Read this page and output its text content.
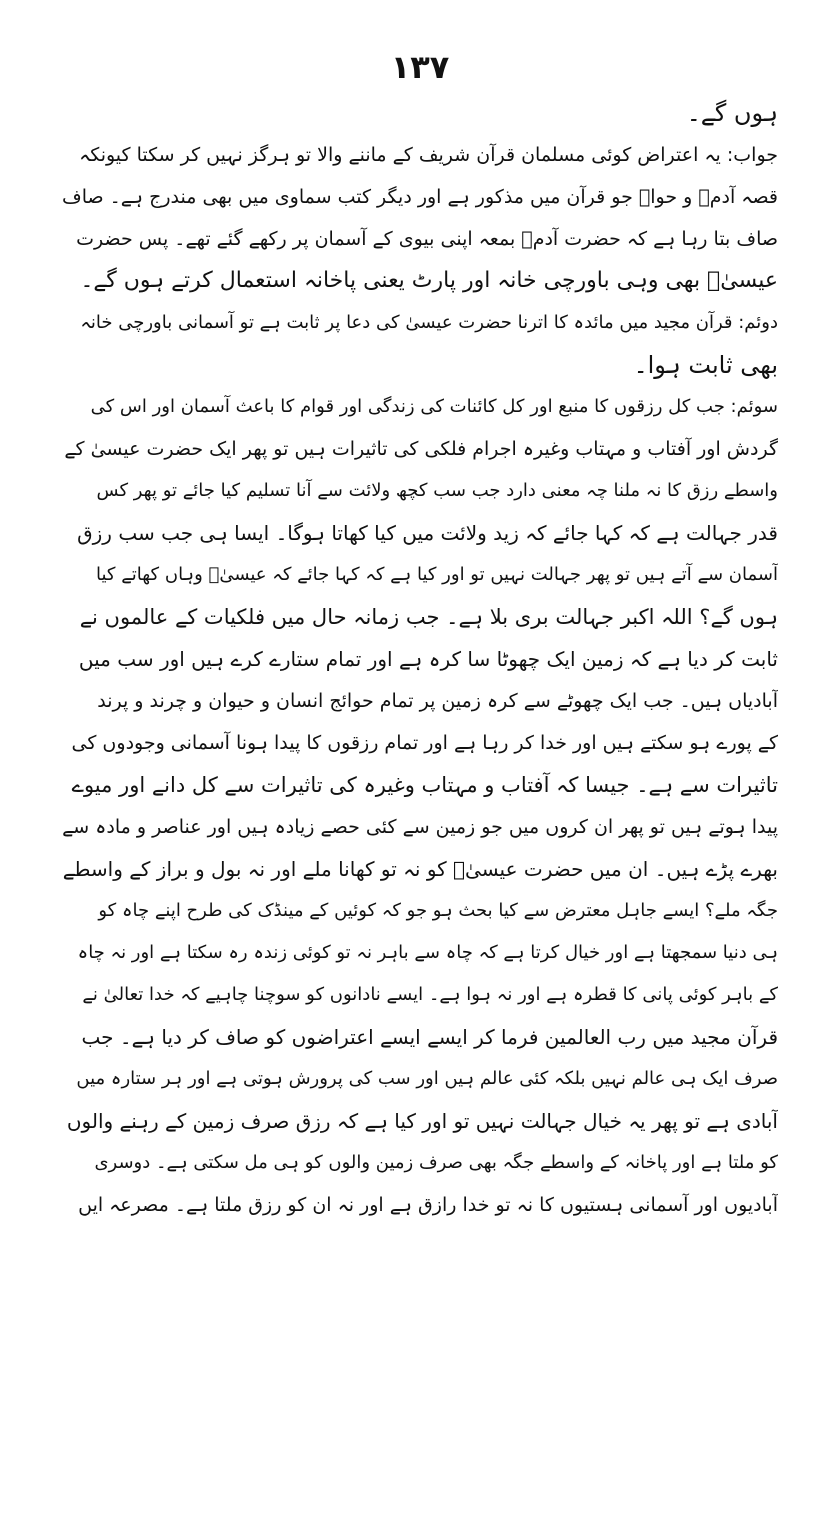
۱۳۷
ہوں گے۔
جواب: یہ اعتراض کوئی مسلمان قرآن شریف کے ماننے والا تو ہرگز نہیں کر سکتا کیونکہ
قصہ آدمؑ و حواؑ جو قرآن میں مذکور ہے اور دیگر کتب سماوی میں بھی مندرج ہے۔ صاف
صاف بتا رہا ہے کہ حضرت آدمؑ بمعہ اپنی بیوی کے آسمان پر رکھے گئے تھے۔ پس حضرت
عیسیٰؑ بھی وہی باورچی خانہ اور پارٹ یعنی پاخانہ استعمال کرتے ہوں گے۔
دوئم: قرآن مجید میں مائدہ کا اترنا حضرت عیسیٰ کی دعا پر ثابت ہے تو آسمانی باورچی خانہ
بھی ثابت ہوا۔
سوئم: جب کل رزقوں کا منبع اور کل کائنات کی زندگی اور قوام کا باعث آسمان اور اس کی
گردش اور آفتاب و مہتاب وغیرہ اجرام فلکی کی تاثیرات ہیں تو پھر ایک حضرت عیسیٰ کے
واسطے رزق کا نہ ملنا چہ معنی دارد جب سب کچھ ولائت سے آنا تسلیم کیا جائے تو پھر کس
قدر جہالت ہے کہ کہا جائے کہ زید ولائت میں کیا کھاتا ہوگا۔ ایسا ہی جب سب رزق
آسمان سے آتے ہیں تو پھر جہالت نہیں تو اور کیا ہے کہ کہا جائے کہ عیسیٰؑ وہاں کھاتے کیا
ہوں گے؟ اللہ اکبر جہالت بری بلا ہے۔ جب زمانہ حال میں فلکیات کے عالموں نے
ثابت کر دیا ہے کہ زمین ایک چھوٹا سا کرہ ہے اور تمام ستارے کرے ہیں اور سب میں
آبادیاں ہیں۔ جب ایک چھوٹے سے کرہ زمین پر تمام حوائج انسان و حیوان و چرند و پرند
کے پورے ہو سکتے ہیں اور خدا کر رہا ہے اور تمام رزقوں کا پیدا ہونا آسمانی وجودوں کی
تاثیرات سے ہے۔ جیسا کہ آفتاب و مہتاب وغیرہ کی تاثیرات سے کل دانے اور میوے
پیدا ہوتے ہیں تو پھر ان کروں میں جو زمین سے کئی حصے زیادہ ہیں اور عناصر و مادہ سے
بھرے پڑے ہیں۔ ان میں حضرت عیسیٰؑ کو نہ تو کھانا ملے اور نہ بول و براز کے واسطے
جگہ ملے؟ ایسے جاہل معترض سے کیا بحث ہو جو کہ کوئیں کے مینڈک کی طرح اپنے چاہ کو
ہی دنیا سمجھتا ہے اور خیال کرتا ہے کہ چاہ سے باہر نہ تو کوئی زندہ رہ سکتا ہے اور نہ چاہ
کے باہر کوئی پانی کا قطرہ ہے اور نہ ہوا ہے۔ ایسے نادانوں کو سوچنا چاہیے کہ خدا تعالیٰ نے
قرآن مجید میں رب العالمین فرما کر ایسے ایسے اعتراضوں کو صاف کر دیا ہے۔ جب
صرف ایک ہی عالم نہیں بلکہ کئی عالم ہیں اور سب کی پرورش ہوتی ہے اور ہر ستارہ میں
آبادی ہے تو پھر یہ خیال جہالت نہیں تو اور کیا ہے کہ رزق صرف زمین کے رہنے والوں
کو ملتا ہے اور پاخانہ کے واسطے جگہ بھی صرف زمین والوں کو ہی مل سکتی ہے۔ دوسری
آبادیوں اور آسمانی ہستیوں کا نہ تو خدا رازق ہے اور نہ ان کو رزق ملتا ہے۔ مصرعہ ایں
